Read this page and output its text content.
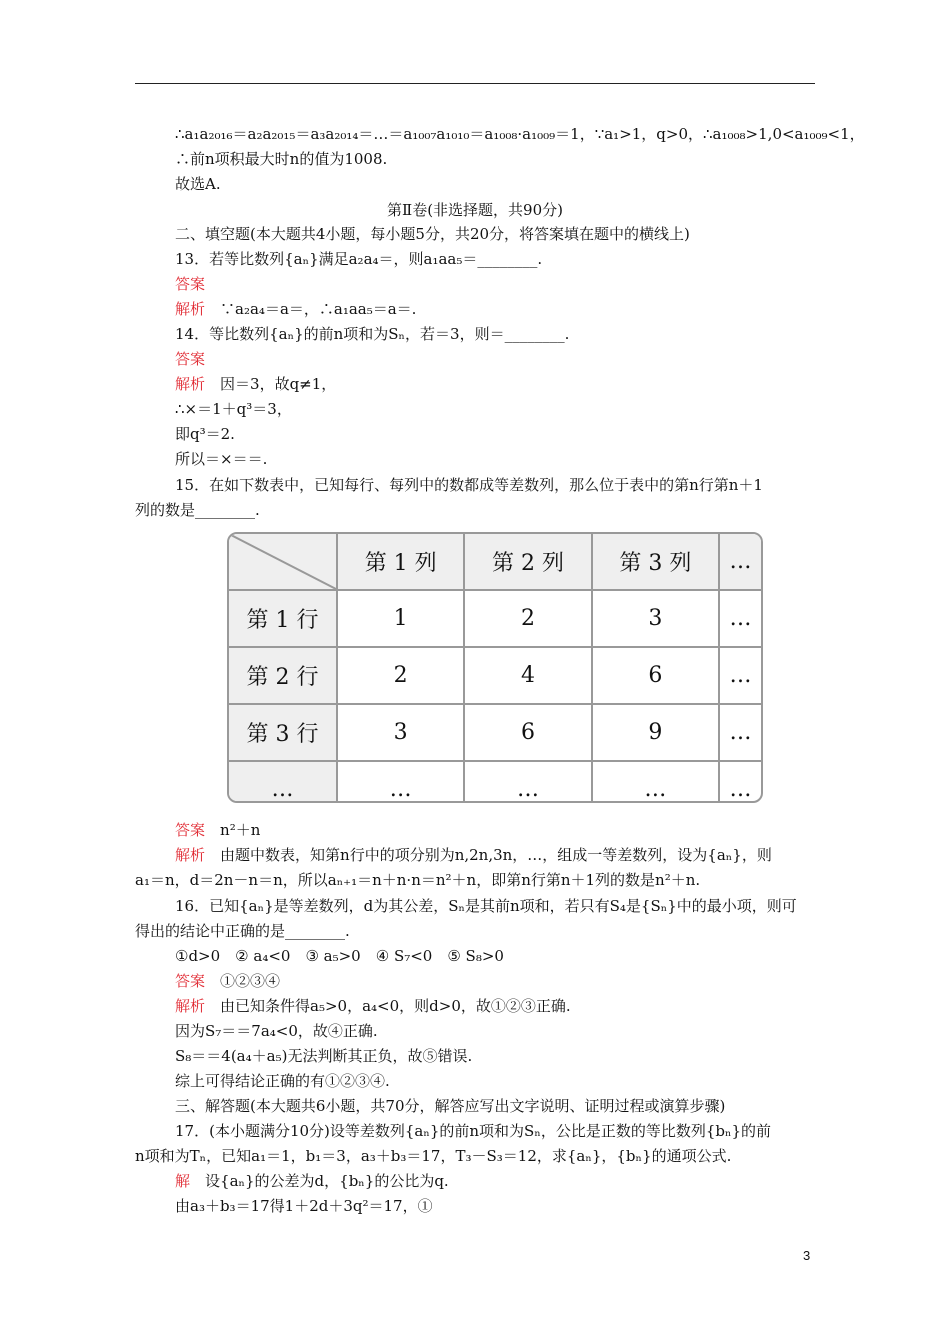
∴a₁a₂₀₁₆＝a₂a₂₀₁₅＝a₃a₂₀₁₄＝…＝a₁₀₀₇a₁₀₁₀＝a₁₀₀₈·a₁₀₀₉＝1，∵a₁>1，q>0，∴a₁₀₀₈>1,0<a₁₀₀₉<1，
∴前n项积最大时n的值为1008.
故选A.
第Ⅱ卷(非选择题，共90分)
二、填空题(本大题共4小题，每小题5分，共20分，将答案填在题中的横线上)
13．若等比数列{aₙ}满足a₂a₄＝，则a₁aa₅＝________.
答案
解析　 ∵a₂a₄＝a＝，∴a₁aa₅＝a＝.
14．等比数列{aₙ}的前n项和为Sₙ，若＝3，则＝________.
答案
解析　 因＝3，故q≠1，
∴×＝1＋q³＝3，
即q³＝2.
所以＝×＝＝.
15．在如下数表中，已知每行、每列中的数都成等差数列，那么位于表中的第n行第n＋1
列的数是________.
	第 1 列	第 2 列	第 3 列	…
第 1 行	1	2	3	…
第 2 行	2	4	6	…
第 3 行	3	6	9	…
…	…	…	…	…
答案　 n²＋n
解析　 由题中数表，知第n行中的项分别为n,2n,3n，…，组成一等差数列，设为{aₙ}，则
a₁＝n，d＝2n－n＝n，所以aₙ₊₁＝n＋n·n＝n²＋n，即第n行第n＋1列的数是n²＋n.
16．已知{aₙ}是等差数列，d为其公差，Sₙ是其前n项和，若只有S₄是{Sₙ}中的最小项，则可
得出的结论中正确的是________.
①d>0　② a₄<0　③ a₅>0　④ S₇<0　⑤ S₈>0
答案　 ①②③④
解析　 由已知条件得a₅>0，a₄<0，则d>0，故①②③正确.
因为S₇＝＝7a₄<0，故④正确.
S₈＝＝4(a₄＋a₅)无法判断其正负，故⑤错误.
综上可得结论正确的有①②③④.
三、解答题(本大题共6小题，共70分，解答应写出文字说明、证明过程或演算步骤)
17．(本小题满分10分)设等差数列{aₙ}的前n项和为Sₙ，公比是正数的等比数列{bₙ}的前
n项和为Tₙ，已知a₁＝1，b₁＝3，a₃＋b₃＝17，T₃－S₃＝12，求{aₙ}，{bₙ}的通项公式.
解　 设{aₙ}的公差为d，{bₙ}的公比为q.
由a₃＋b₃＝17得1＋2d＋3q²＝17，①
3
